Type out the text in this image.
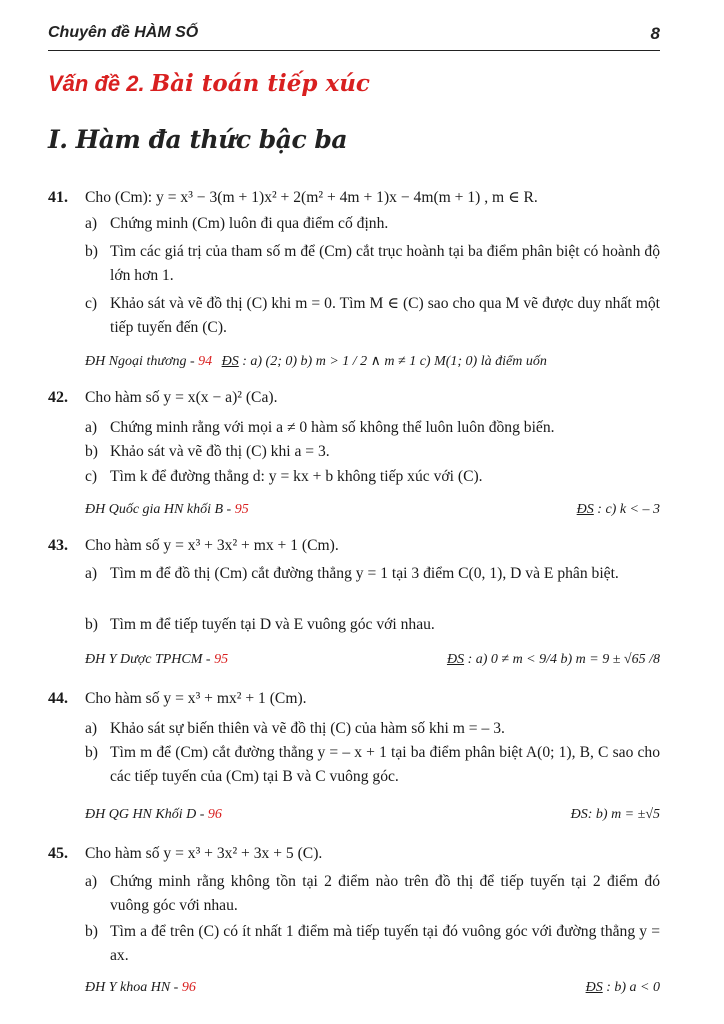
Chuyên đề HÀM SỐ	8
Vấn đề 2. Bài toán tiếp xúc
I. Hàm đa thức bậc ba
41. Cho (Cm): y = x³ − 3(m + 1)x² + 2(m² + 4m + 1)x − 4m(m + 1) , m ∈ R.
a) Chứng minh (Cm) luôn đi qua điểm cố định.
b) Tìm các giá trị của tham số m để (Cm) cắt trục hoành tại ba điểm phân biệt có hoành độ lớn hơn 1.
c) Khảo sát và vẽ đồ thị (C) khi m = 0. Tìm M ∈ (C) sao cho qua M vẽ được duy nhất một tiếp tuyến đến (C).
ĐH Ngoại thương - 94 ĐS : a) (2; 0) b) m > 1 / 2 ∧ m ≠ 1 c) M(1; 0) là điểm uốn
42. Cho hàm số y = x(x − a)² (Ca).
a) Chứng minh rằng với mọi a ≠ 0 hàm số không thể luôn luôn đồng biến.
b) Khảo sát và vẽ đồ thị (C) khi a = 3.
c) Tìm k để đường thẳng d: y = kx + b không tiếp xúc với (C).
ĐH Quốc gia HN khối B - 95	ĐS : c) k < – 3
43. Cho hàm số y = x³ + 3x² + mx + 1 (Cm).
a) Tìm m để đồ thị (Cm) cắt đường thẳng y = 1 tại 3 điểm C(0, 1), D và E phân biệt.
b) Tìm m để tiếp tuyến tại D và E vuông góc với nhau.
ĐH Y Dược TPHCM - 95	ĐS : a) 0 ≠ m < 9/4 b) m = 9 ± √65 /8
44. Cho hàm số y = x³ + mx² + 1 (Cm).
a) Khảo sát sự biến thiên và vẽ đồ thị (C) của hàm số khi m = – 3.
b) Tìm m để (Cm) cắt đường thẳng y = – x + 1 tại ba điểm phân biệt A(0; 1), B, C sao cho các tiếp tuyến của (Cm) tại B và C vuông góc.
ĐH QG HN Khối D - 96	ĐS: b) m = ±√5
45. Cho hàm số y = x³ + 3x² + 3x + 5 (C).
a) Chứng minh rằng không tồn tại 2 điểm nào trên đồ thị để tiếp tuyến tại 2 điểm đó vuông góc với nhau.
b) Tìm a để trên (C) có ít nhất 1 điểm mà tiếp tuyến tại đó vuông góc với đường thẳng y = ax.
ĐH Y khoa HN - 96	ĐS : b) a < 0
